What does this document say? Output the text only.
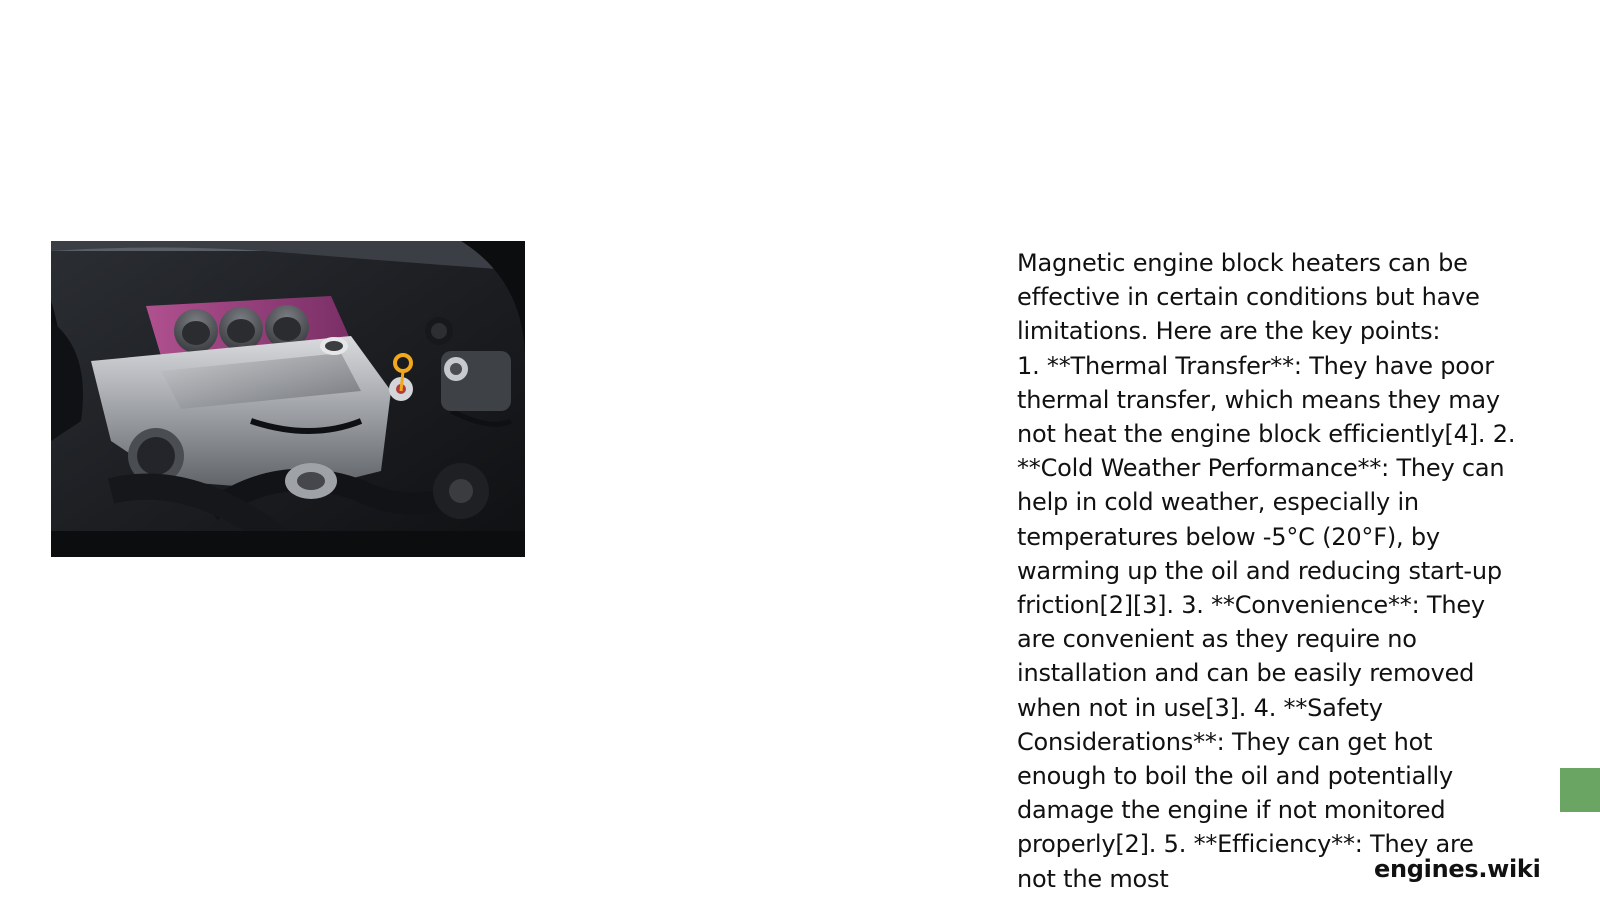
Magnetic engine block heaters can be effective in certain conditions but have
limitations. Here are the key points:
1. **Thermal Transfer**: They have poor thermal transfer, which means they may not heat the engine block efficiently[4]. 2. **Cold Weather Performance**: They can help in cold weather, especially in temperatures below -5°C (20°F), by warming up the oil and reducing start-up friction[2][3]. 3. **Convenience**: They are convenient as they require no installation and can be easily removed when not in use[3]. 4. **Safety Considerations**: They can get hot enough to boil the oil and potentially damage the engine if not monitored properly[2]. 5. **Efficiency**: They are not the most	engines.wiki
